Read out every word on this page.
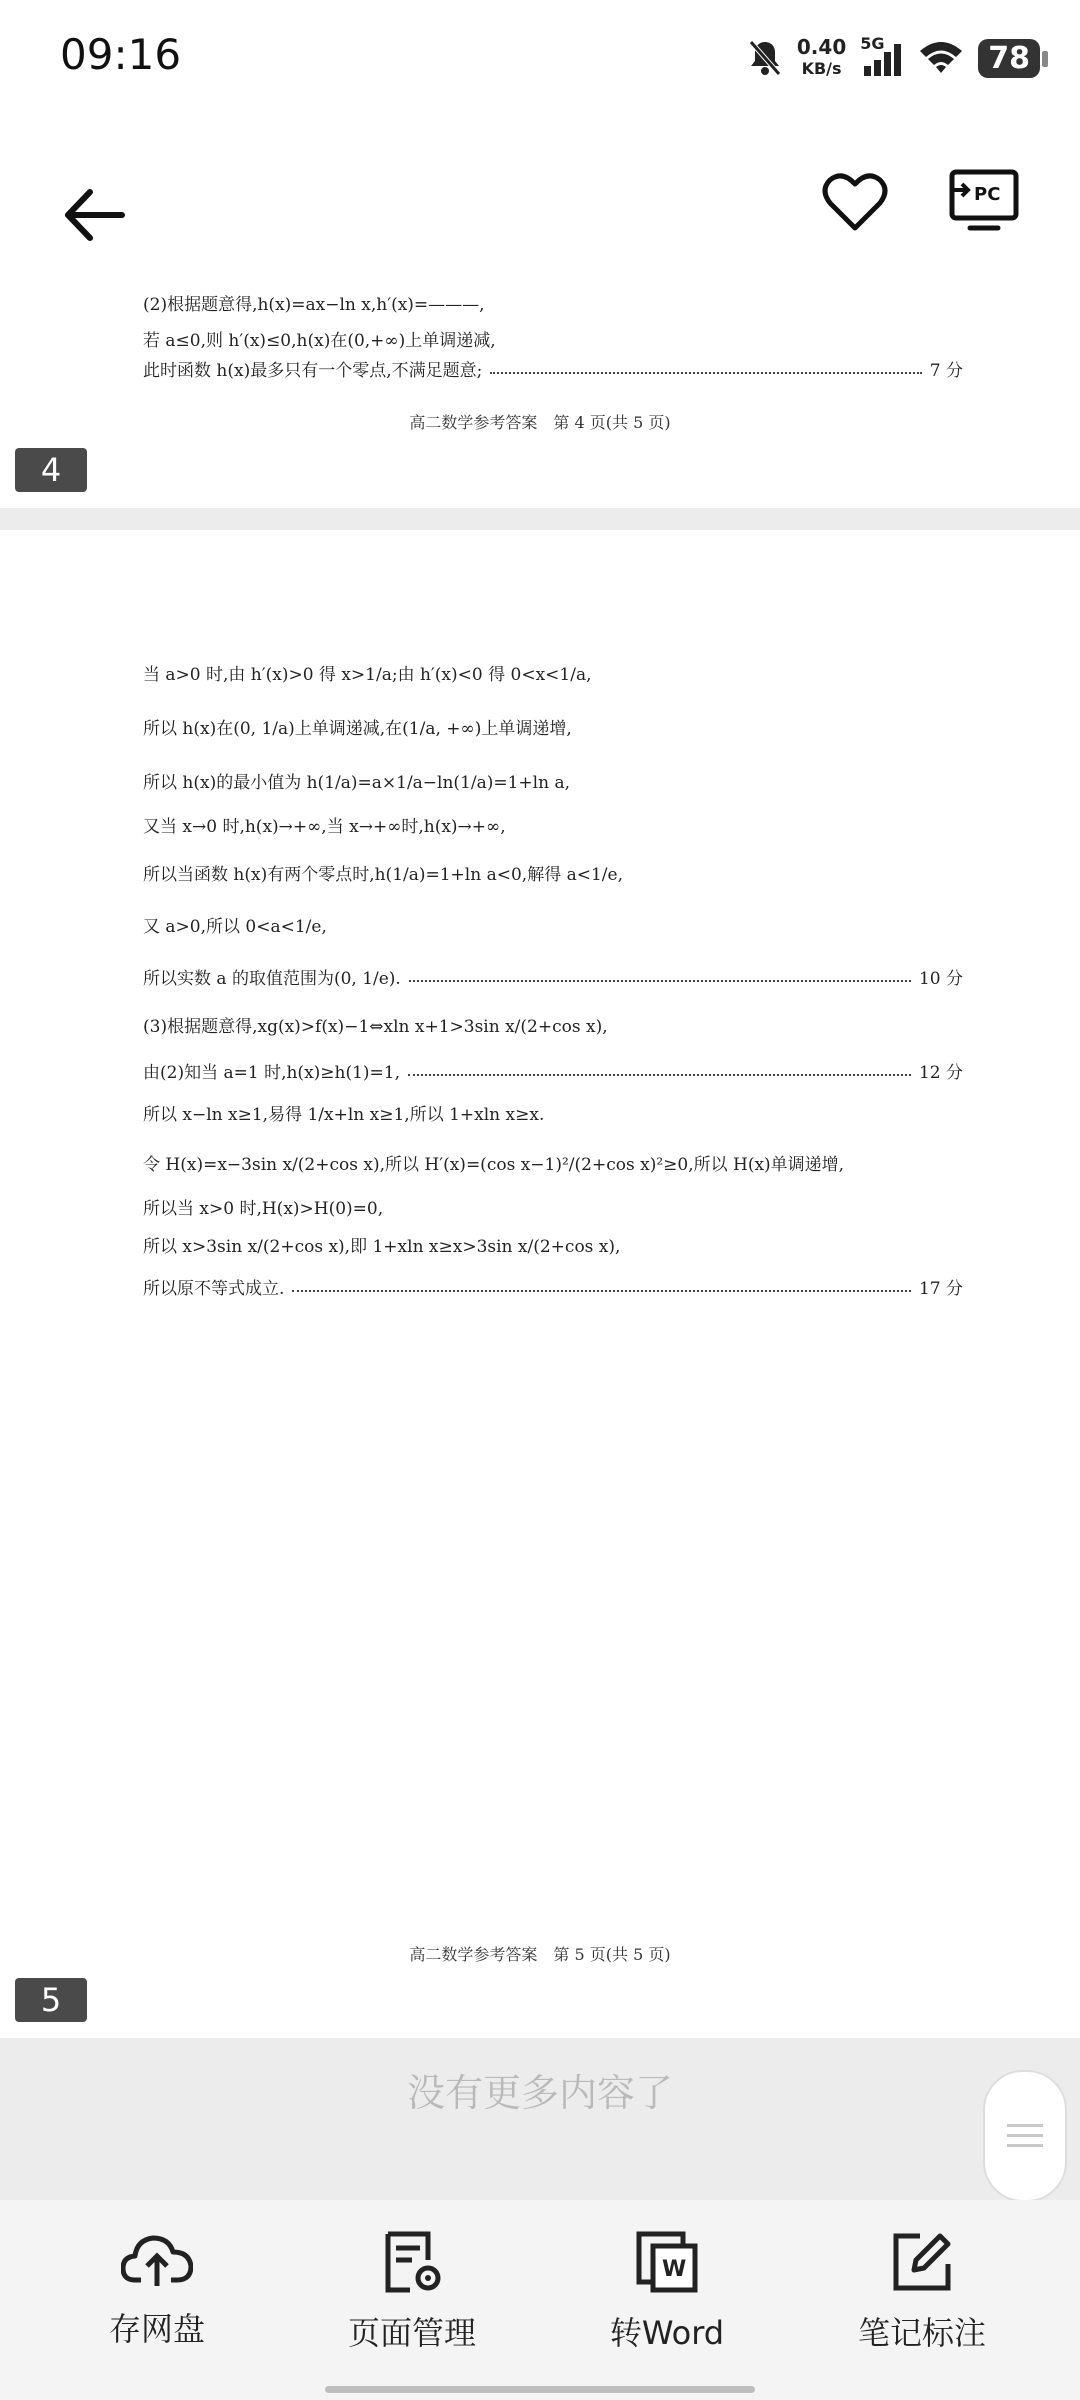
09:16	0.40
KB/s
5G	78
PC
(2)根据题意得,h(x)=ax−ln x,h′(x)=———,
若 a≤0,则 h′(x)≤0,h(x)在(0,+∞)上单调递减,
此时函数 h(x)最多只有一个零点,不满足题意;	7 分
高二数学参考答案　第 4 页(共 5 页)
4
当 a>0 时,由 h′(x)>0 得 x>1/a;由 h′(x)<0 得 0<x<1/a,
所以 h(x)在(0, 1/a)上单调递减,在(1/a, +∞)上单调递增,
所以 h(x)的最小值为 h(1/a)=a×1/a−ln(1/a)=1+ln a,
又当 x→0 时,h(x)→+∞,当 x→+∞时,h(x)→+∞,
所以当函数 h(x)有两个零点时,h(1/a)=1+ln a<0,解得 a<1/e,
又 a>0,所以 0<a<1/e,
所以实数 a 的取值范围为(0, 1/e).	10 分
(3)根据题意得,xg(x)>f(x)−1⇔xln x+1>3sin x/(2+cos x),
由(2)知当 a=1 时,h(x)≥h(1)=1,	12 分
所以 x−ln x≥1,易得 1/x+ln x≥1,所以 1+xln x≥x.
令 H(x)=x−3sin x/(2+cos x),所以 H′(x)=(cos x−1)²/(2+cos x)²≥0,所以 H(x)单调递增,
所以当 x>0 时,H(x)>H(0)=0,
所以 x>3sin x/(2+cos x),即 1+xln x≥x>3sin x/(2+cos x),
所以原不等式成立.	17 分
高二数学参考答案　第 5 页(共 5 页)
5
没有更多内容了
存网盘	页面管理
W
转Word	笔记标注
